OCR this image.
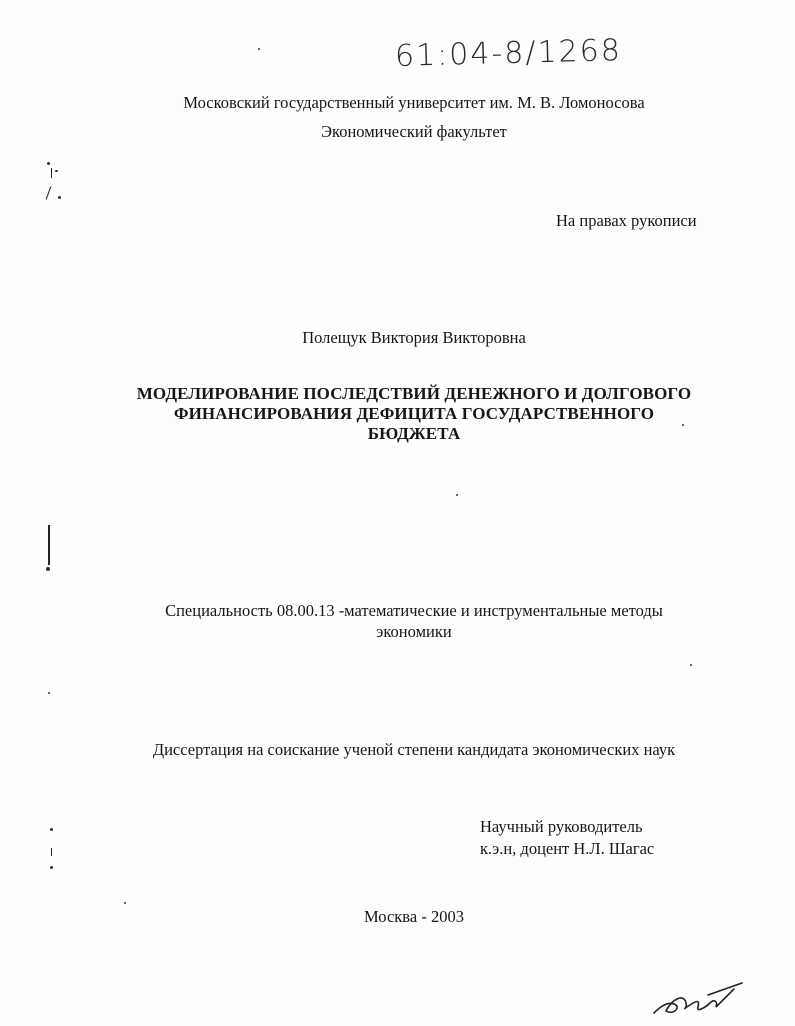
61:04-8/1268
Московский государственный университет им. М. В. Ломоносова
Экономический факультет
На правах рукописи
Полещук Виктория Викторовна
МОДЕЛИРОВАНИЕ ПОСЛЕДСТВИЙ ДЕНЕЖНОГО И ДОЛГОВОГО
ФИНАНСИРОВАНИЯ ДЕФИЦИТА ГОСУДАРСТВЕННОГО
БЮДЖЕТА
Специальность 08.00.13 -математические и инструментальные методы
экономики
Диссертация на соискание ученой степени кандидата экономических наук
Научный руководитель
к.э.н, доцент Н.Л. Шагас
Москва - 2003
